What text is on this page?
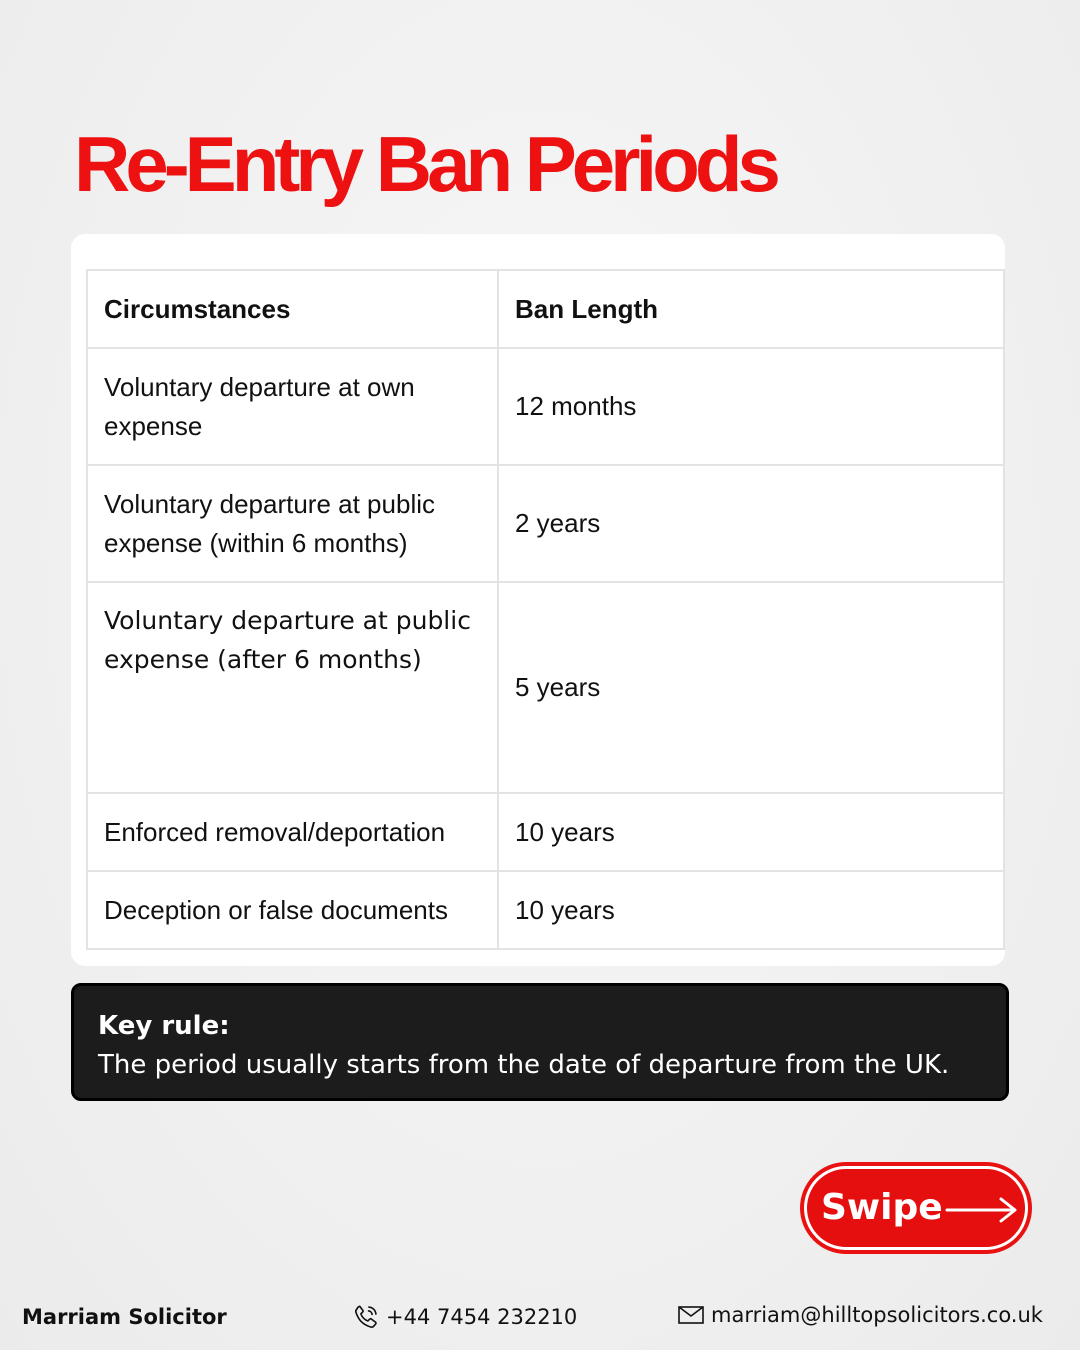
Re-Entry Ban Periods
Circumstances	Ban Length
Voluntary departure at own expense	12 months
Voluntary departure at public expense (within 6 months)	2 years
Voluntary departure at public expense (after 6 months)	5 years
Enforced removal/deportation	10 years
Deception or false documents	10 years
Key rule:
The period usually starts from the date of departure from the UK.
Swipe
Marriam Solicitor	+44 7454 232210	marriam@hilltopsolicitors.co.uk
